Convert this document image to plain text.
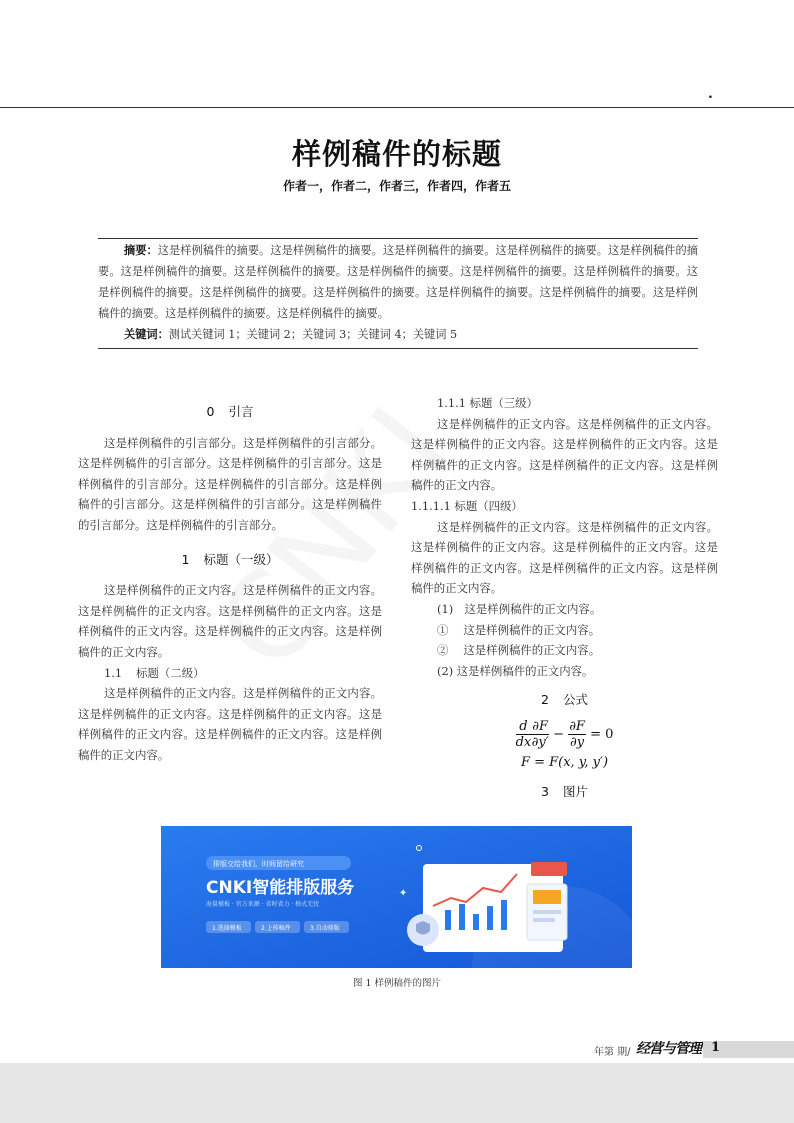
.
样例稿件的标题
作者一，作者二，作者三，作者四，作者五

摘要：这是样例稿件的摘要。这是样例稿件的摘要。这是样例稿件的摘要。这是样例稿件的摘要。这是样例稿件的摘要。这是样例稿件的摘要。这是样例稿件的摘要。这是样例稿件的摘要。这是样例稿件的摘要。这是样例稿件的摘要。这是样例稿件的摘要。这是样例稿件的摘要。这是样例稿件的摘要。这是样例稿件的摘要。这是样例稿件的摘要。这是样例稿件的摘要。这是样例稿件的摘要。这是样例稿件的摘要。

关键词：测试关键词 1；关键词 2；关键词 3；关键词 4；关键词 5

0 引言

这是样例稿件的引言部分。这是样例稿件的引言部分。这是样例稿件的引言部分。这是样例稿件的引言部分。这是样例稿件的引言部分。这是样例稿件的引言部分。这是样例稿件的引言部分。这是样例稿件的引言部分。这是样例稿件的引言部分。这是样例稿件的引言部分。

1 标题（一级）

这是样例稿件的正文内容。这是样例稿件的正文内容。这是样例稿件的正文内容。这是样例稿件的正文内容。这是样例稿件的正文内容。这是样例稿件的正文内容。这是样例稿件的正文内容。

1.1 标题（二级）

这是样例稿件的正文内容。这是样例稿件的正文内容。这是样例稿件的正文内容。这是样例稿件的正文内容。这是样例稿件的正文内容。这是样例稿件的正文内容。这是样例稿件的正文内容。

1.1.1 标题（三级）

这是样例稿件的正文内容。这是样例稿件的正文内容。这是样例稿件的正文内容。这是样例稿件的正文内容。这是样例稿件的正文内容。这是样例稿件的正文内容。这是样例稿件的正文内容。

1.1.1.1 标题（四级）

这是样例稿件的正文内容。这是样例稿件的正文内容。这是样例稿件的正文内容。这是样例稿件的正文内容。这是样例稿件的正文内容。这是样例稿件的正文内容。这是样例稿件的正文内容。

(1)　这是样例稿件的正文内容。
①　 这是样例稿件的正文内容。
②　 这是样例稿件的正文内容。
(2) 这是样例稿件的正文内容。
2 公式
$\frac{d}{dx} \frac{\partial F}{\partial y'} - \frac{\partial F}{\partial y} = 0$
F = F(x, y, y′)
3 图片
排版交给我们，时间留给研究
CNKI智能排版服务
海量模板 · 官方来源 · 省时省力 · 格式无忧
1.选择模板	2.上传稿件	3.自动排版
✦
图 1 样例稿件的图片
年第 期/ 经营与管理 1
